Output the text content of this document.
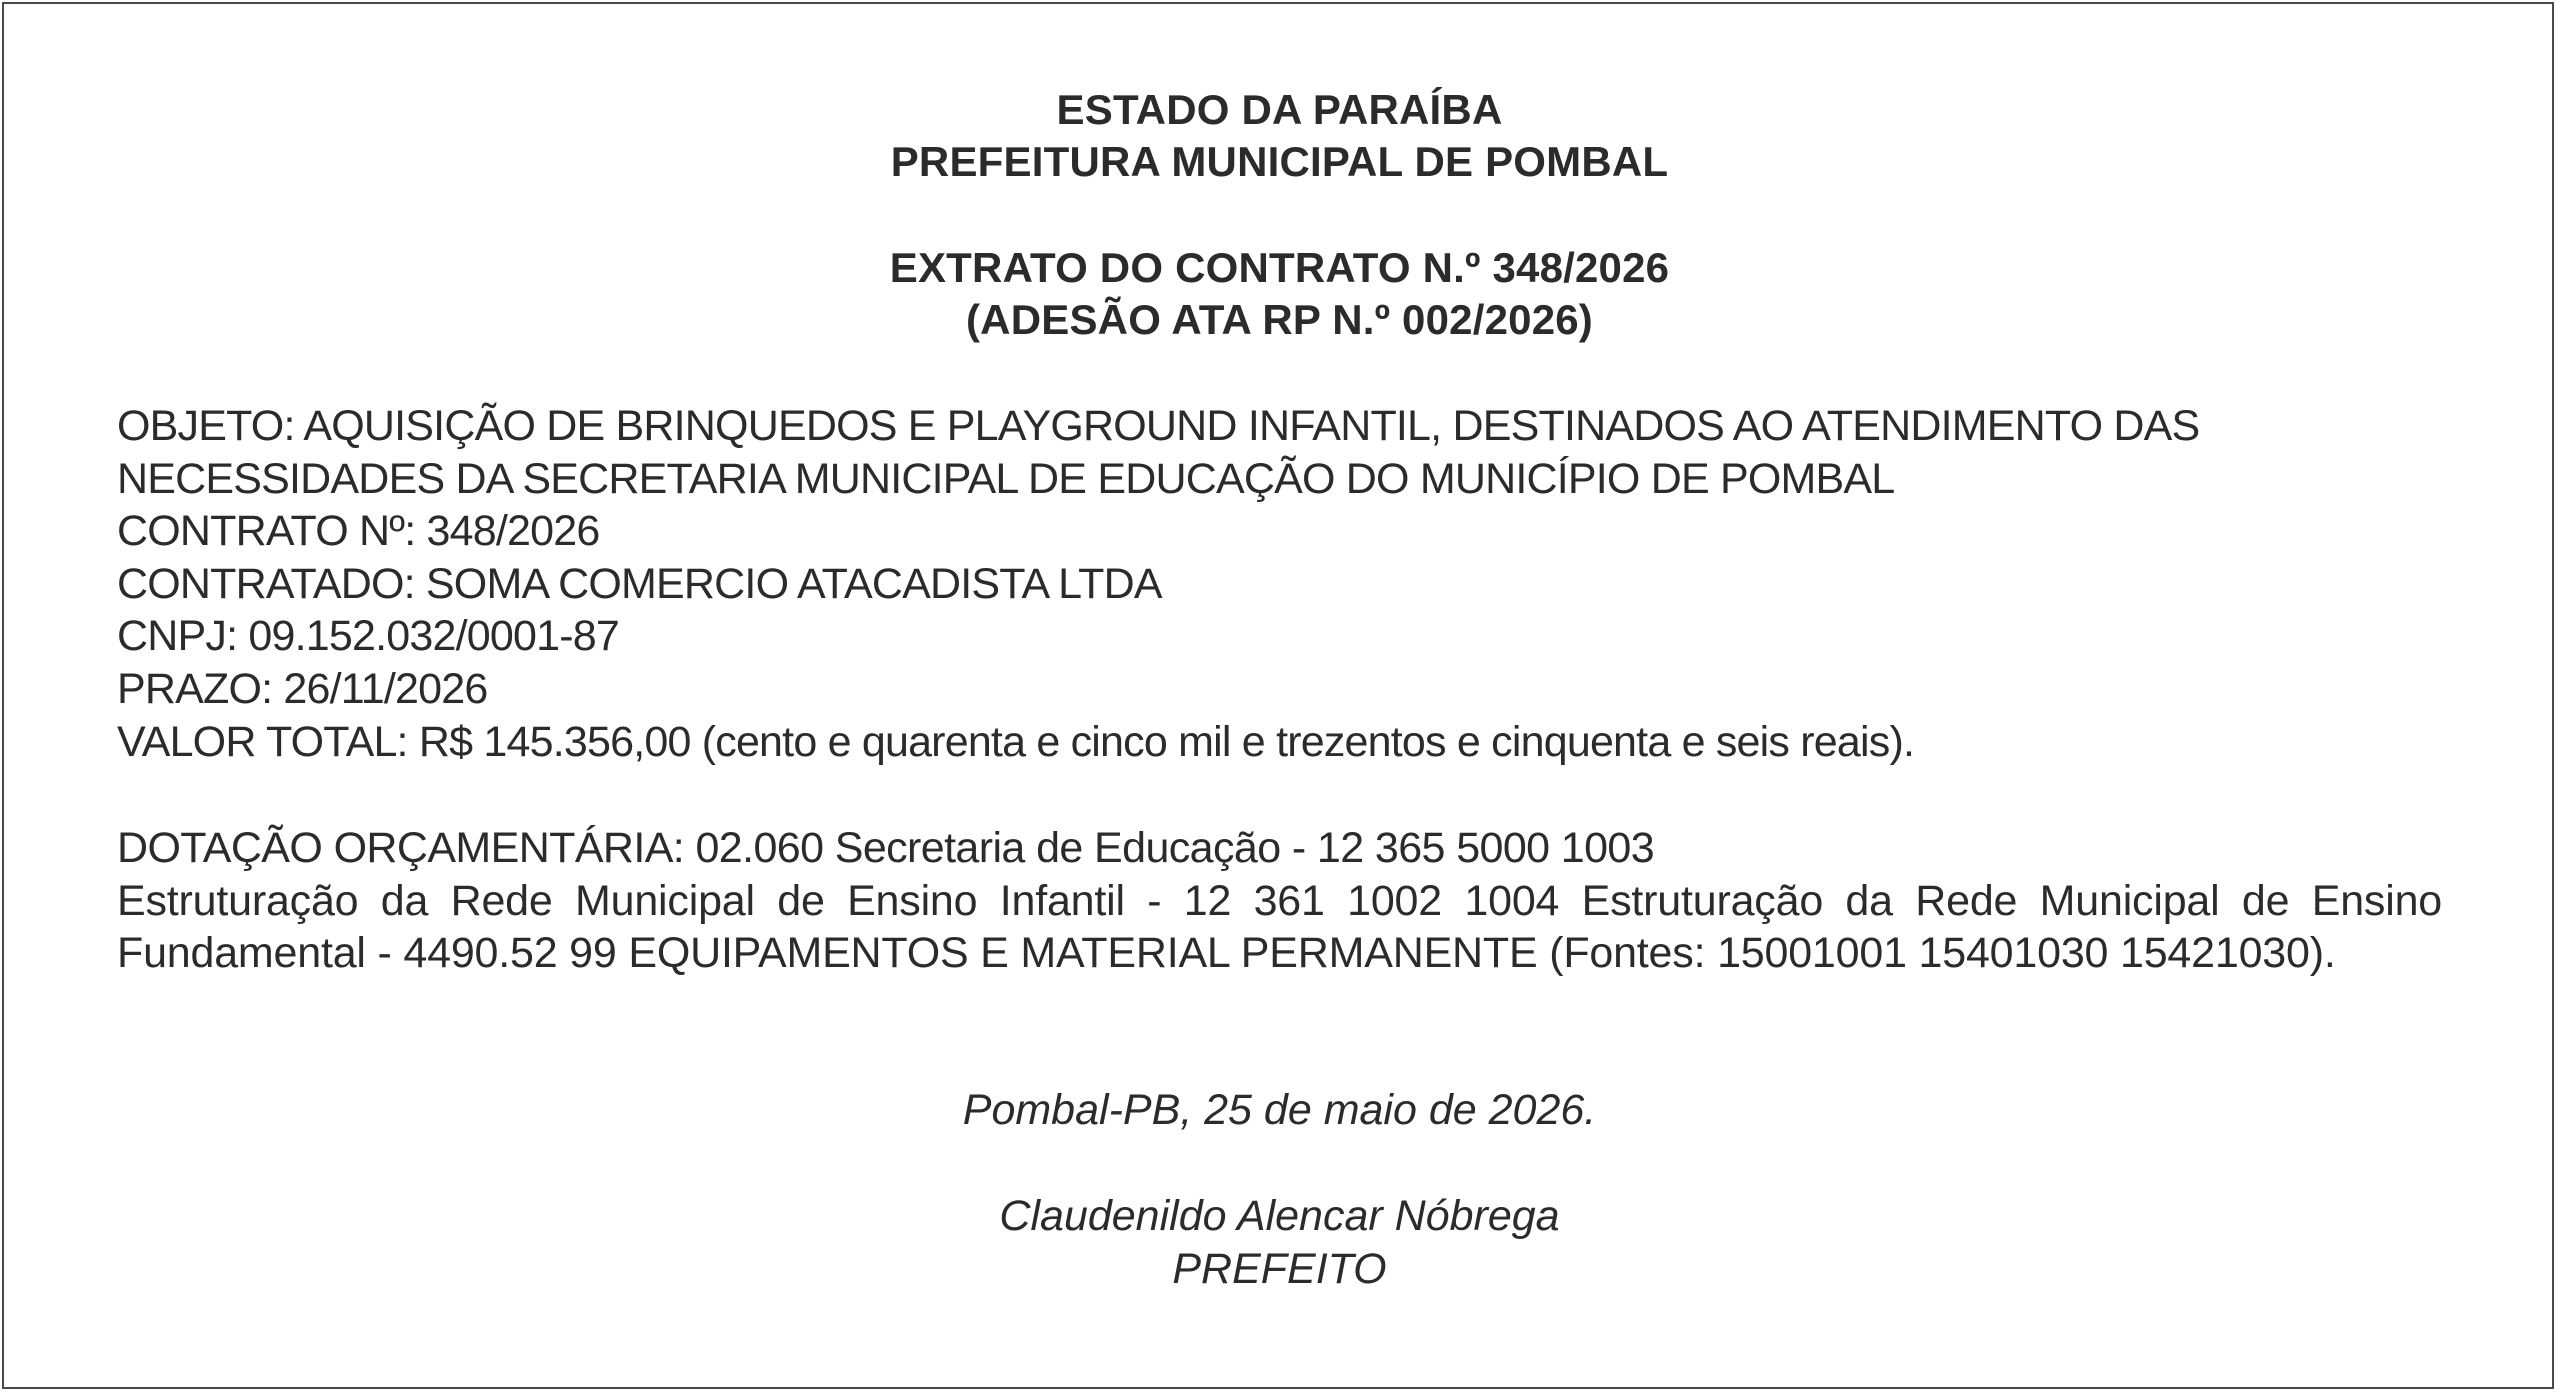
ESTADO DA PARAÍBA
PREFEITURA MUNICIPAL DE POMBAL
EXTRATO DO CONTRATO N.º 348/2026
(ADESÃO ATA RP N.º 002/2026)
OBJETO: AQUISIÇÃO DE BRINQUEDOS E PLAYGROUND INFANTIL, DESTINADOS AO ATENDIMENTO DAS
NECESSIDADES DA SECRETARIA MUNICIPAL DE EDUCAÇÃO DO MUNICÍPIO DE POMBAL
CONTRATO Nº: 348/2026
CONTRATADO: SOMA COMERCIO ATACADISTA LTDA
CNPJ: 09.152.032/0001-87
PRAZO: 26/11/2026
VALOR TOTAL: R$ 145.356,00 (cento e quarenta e cinco mil e trezentos e cinquenta e seis reais).
DOTAÇÃO ORÇAMENTÁRIA: 02.060 Secretaria de Educação - 12 365 5000 1003
Estruturação da Rede Municipal de Ensino Infantil - 12 361 1002 1004 Estruturação da Rede Municipal de Ensino Fundamental - 4490.52 99 EQUIPAMENTOS E MATERIAL PERMANENTE (Fontes: 15001001 15401030 15421030).
Pombal-PB, 25 de maio de 2026.
Claudenildo Alencar Nóbrega
PREFEITO
